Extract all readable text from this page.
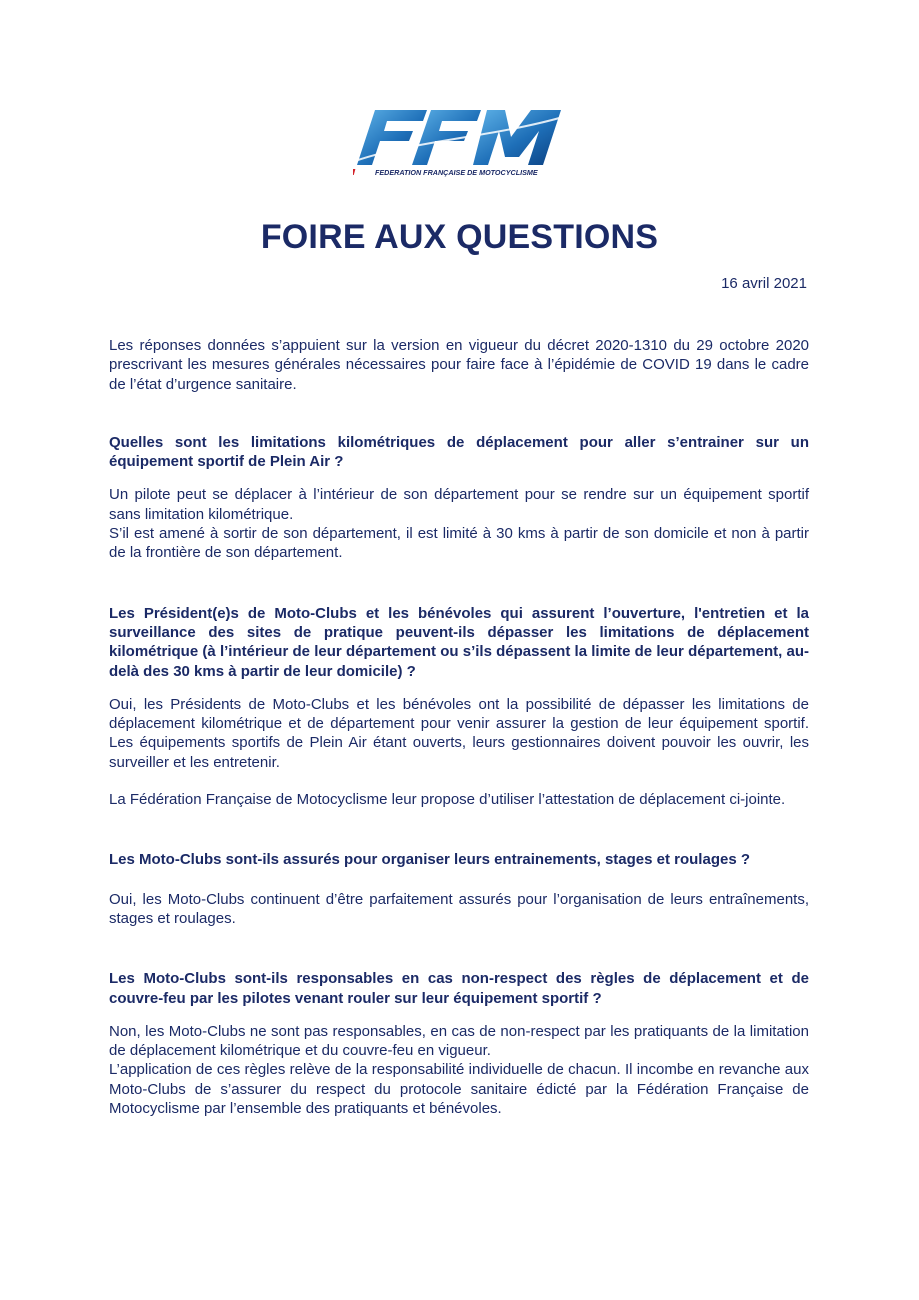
FEDERATION FRANÇAISE DE MOTOCYCLISME
FOIRE AUX QUESTIONS
16 avril 2021

Les réponses données s’appuient sur la version en vigueur du décret 2020-1310 du 29 octobre 2020 prescrivant les mesures générales nécessaires pour faire face à l’épidémie de COVID 19 dans le cadre de l’état d’urgence sanitaire.

Quelles sont les limitations kilométriques de déplacement pour aller s’entrainer sur un équipement sportif de Plein Air ?

Un pilote peut se déplacer à l’intérieur de son département pour se rendre sur un équipement sportif sans limitation kilométrique.

S’il est amené à sortir de son département, il est limité à 30 kms à partir de son domicile et non à partir de la frontière de son département.

Les Président(e)s de Moto-Clubs et les bénévoles qui assurent l’ouverture, l'entretien et la surveillance des sites de pratique peuvent-ils dépasser les limitations de déplacement kilométrique (à l’intérieur de leur département ou s’ils dépassent la limite de leur département, au-delà des 30 kms à partir de leur domicile) ?

Oui, les Présidents de Moto-Clubs et les bénévoles ont la possibilité de dépasser les limitations de déplacement kilométrique et de département pour venir assurer la gestion de leur équipement sportif. Les équipements sportifs de Plein Air étant ouverts, leurs gestionnaires doivent pouvoir les ouvrir, les surveiller et les entretenir.

La Fédération Française de Motocyclisme leur propose d’utiliser l’attestation de déplacement ci-jointe.

Les Moto-Clubs sont-ils assurés pour organiser leurs entrainements, stages et roulages ?

Oui, les Moto-Clubs continuent d’être parfaitement assurés pour l’organisation de leurs entraînements, stages et roulages.

Les Moto-Clubs sont-ils responsables en cas non-respect des règles de déplacement et de couvre-feu par les pilotes venant rouler sur leur équipement sportif ?

Non, les Moto-Clubs ne sont pas responsables, en cas de non-respect par les pratiquants de la limitation de déplacement kilométrique et du couvre-feu en vigueur.

L’application de ces règles relève de la responsabilité individuelle de chacun. Il incombe en revanche aux Moto-Clubs de s’assurer du respect du protocole sanitaire édicté par la Fédération Française de Motocyclisme par l’ensemble des pratiquants et bénévoles.
